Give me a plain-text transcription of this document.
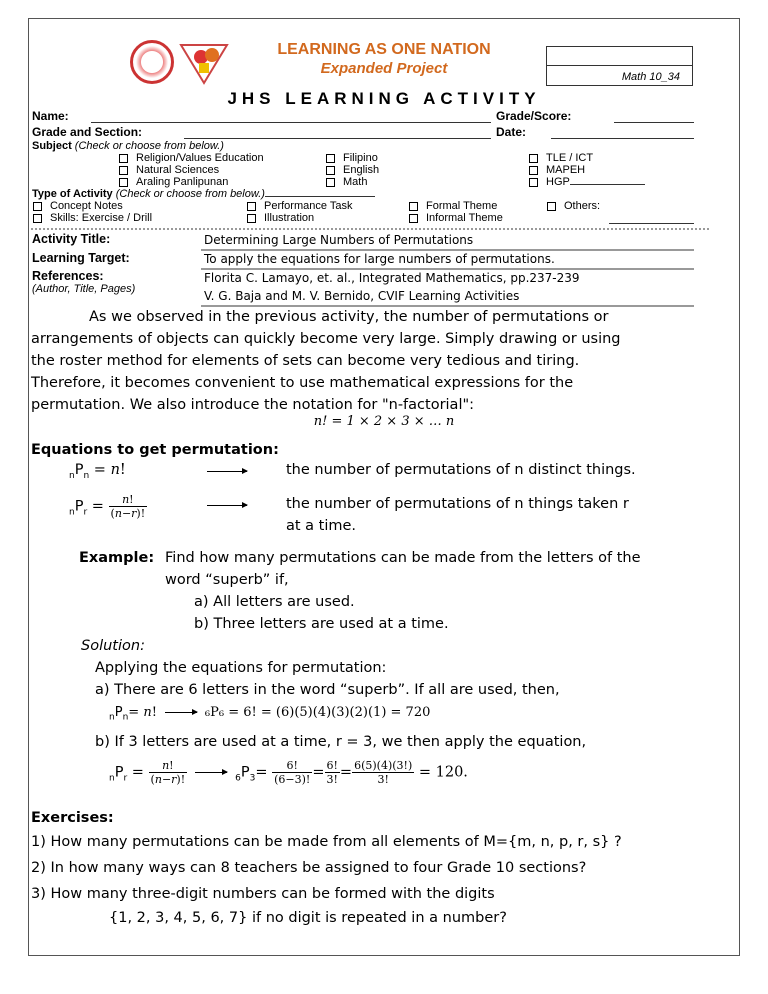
LEARNING AS ONE NATION
Expanded Project	Math 10_34
JHS LEARNING ACTIVITY
Name:	Grade/Score:
Grade and Section:	Date:
Subject (Check or choose from below.)
Religion/Values Education
Natural Sciences
Araling Panlipunan
Filipino
English
Math
TLE / ICT
MAPEH
HGP
Type of Activity (Check or choose from below.)
Concept Notes
Skills: Exercise / Drill
Performance Task
Illustration
Formal Theme
Informal Theme
Others:
Activity Title:	Determining Large Numbers of Permutations
Learning Target:	To apply the equations for large numbers of permutations.
References:
(Author, Title, Pages)
Florita C. Lamayo, et. al., Integrated Mathematics, pp.237-239
V. G. Baja and M. V. Bernido, CVIF Learning Activities
As we observed in the previous activity, the number of permutations or
arrangements of objects can quickly become very large. Simply drawing or using
the roster method for elements of sets can become very tedious and tiring.
Therefore, it becomes convenient to use mathematical expressions for the
permutation. We also introduce the notation for "n-factorial":
n! = 1 × 2 × 3 × … n
Equations to get permutation:
$_nP_n = n$!	the number of permutations of n distinct things.
$_nP_r = \frac{n!}{(n-r)!}$	the number of permutations of n things taken r
at a time.
Example: Find how many permutations can be made from the letters of the
word “superb” if,
a) All letters are used.
b) Three letters are used at a time.
Solution:
Applying the equations for permutation:
a) There are 6 letters in the word “superb”. If all are used, then,
$_nP_n= n$!	₆P₆ = 6! = (6)(5)(4)(3)(2)(1) = 720
b) If 3 letters are used at a time, r = 3, we then apply the equation,
$_nP_r = \frac{n!}{(n-r)!}$	$_6P_3= \frac{6!}{(6-3)!} = \frac{6!}{3!} = \frac{6(5)(4)(3!)}{3!} = 120$.
Exercises:
1) How many permutations can be made from all elements of M={m, n, p, r, s} ?
2) In how many ways can 8 teachers be assigned to four Grade 10 sections?
3) How many three-digit numbers can be formed with the digits
{1, 2, 3, 4, 5, 6, 7} if no digit is repeated in a number?
